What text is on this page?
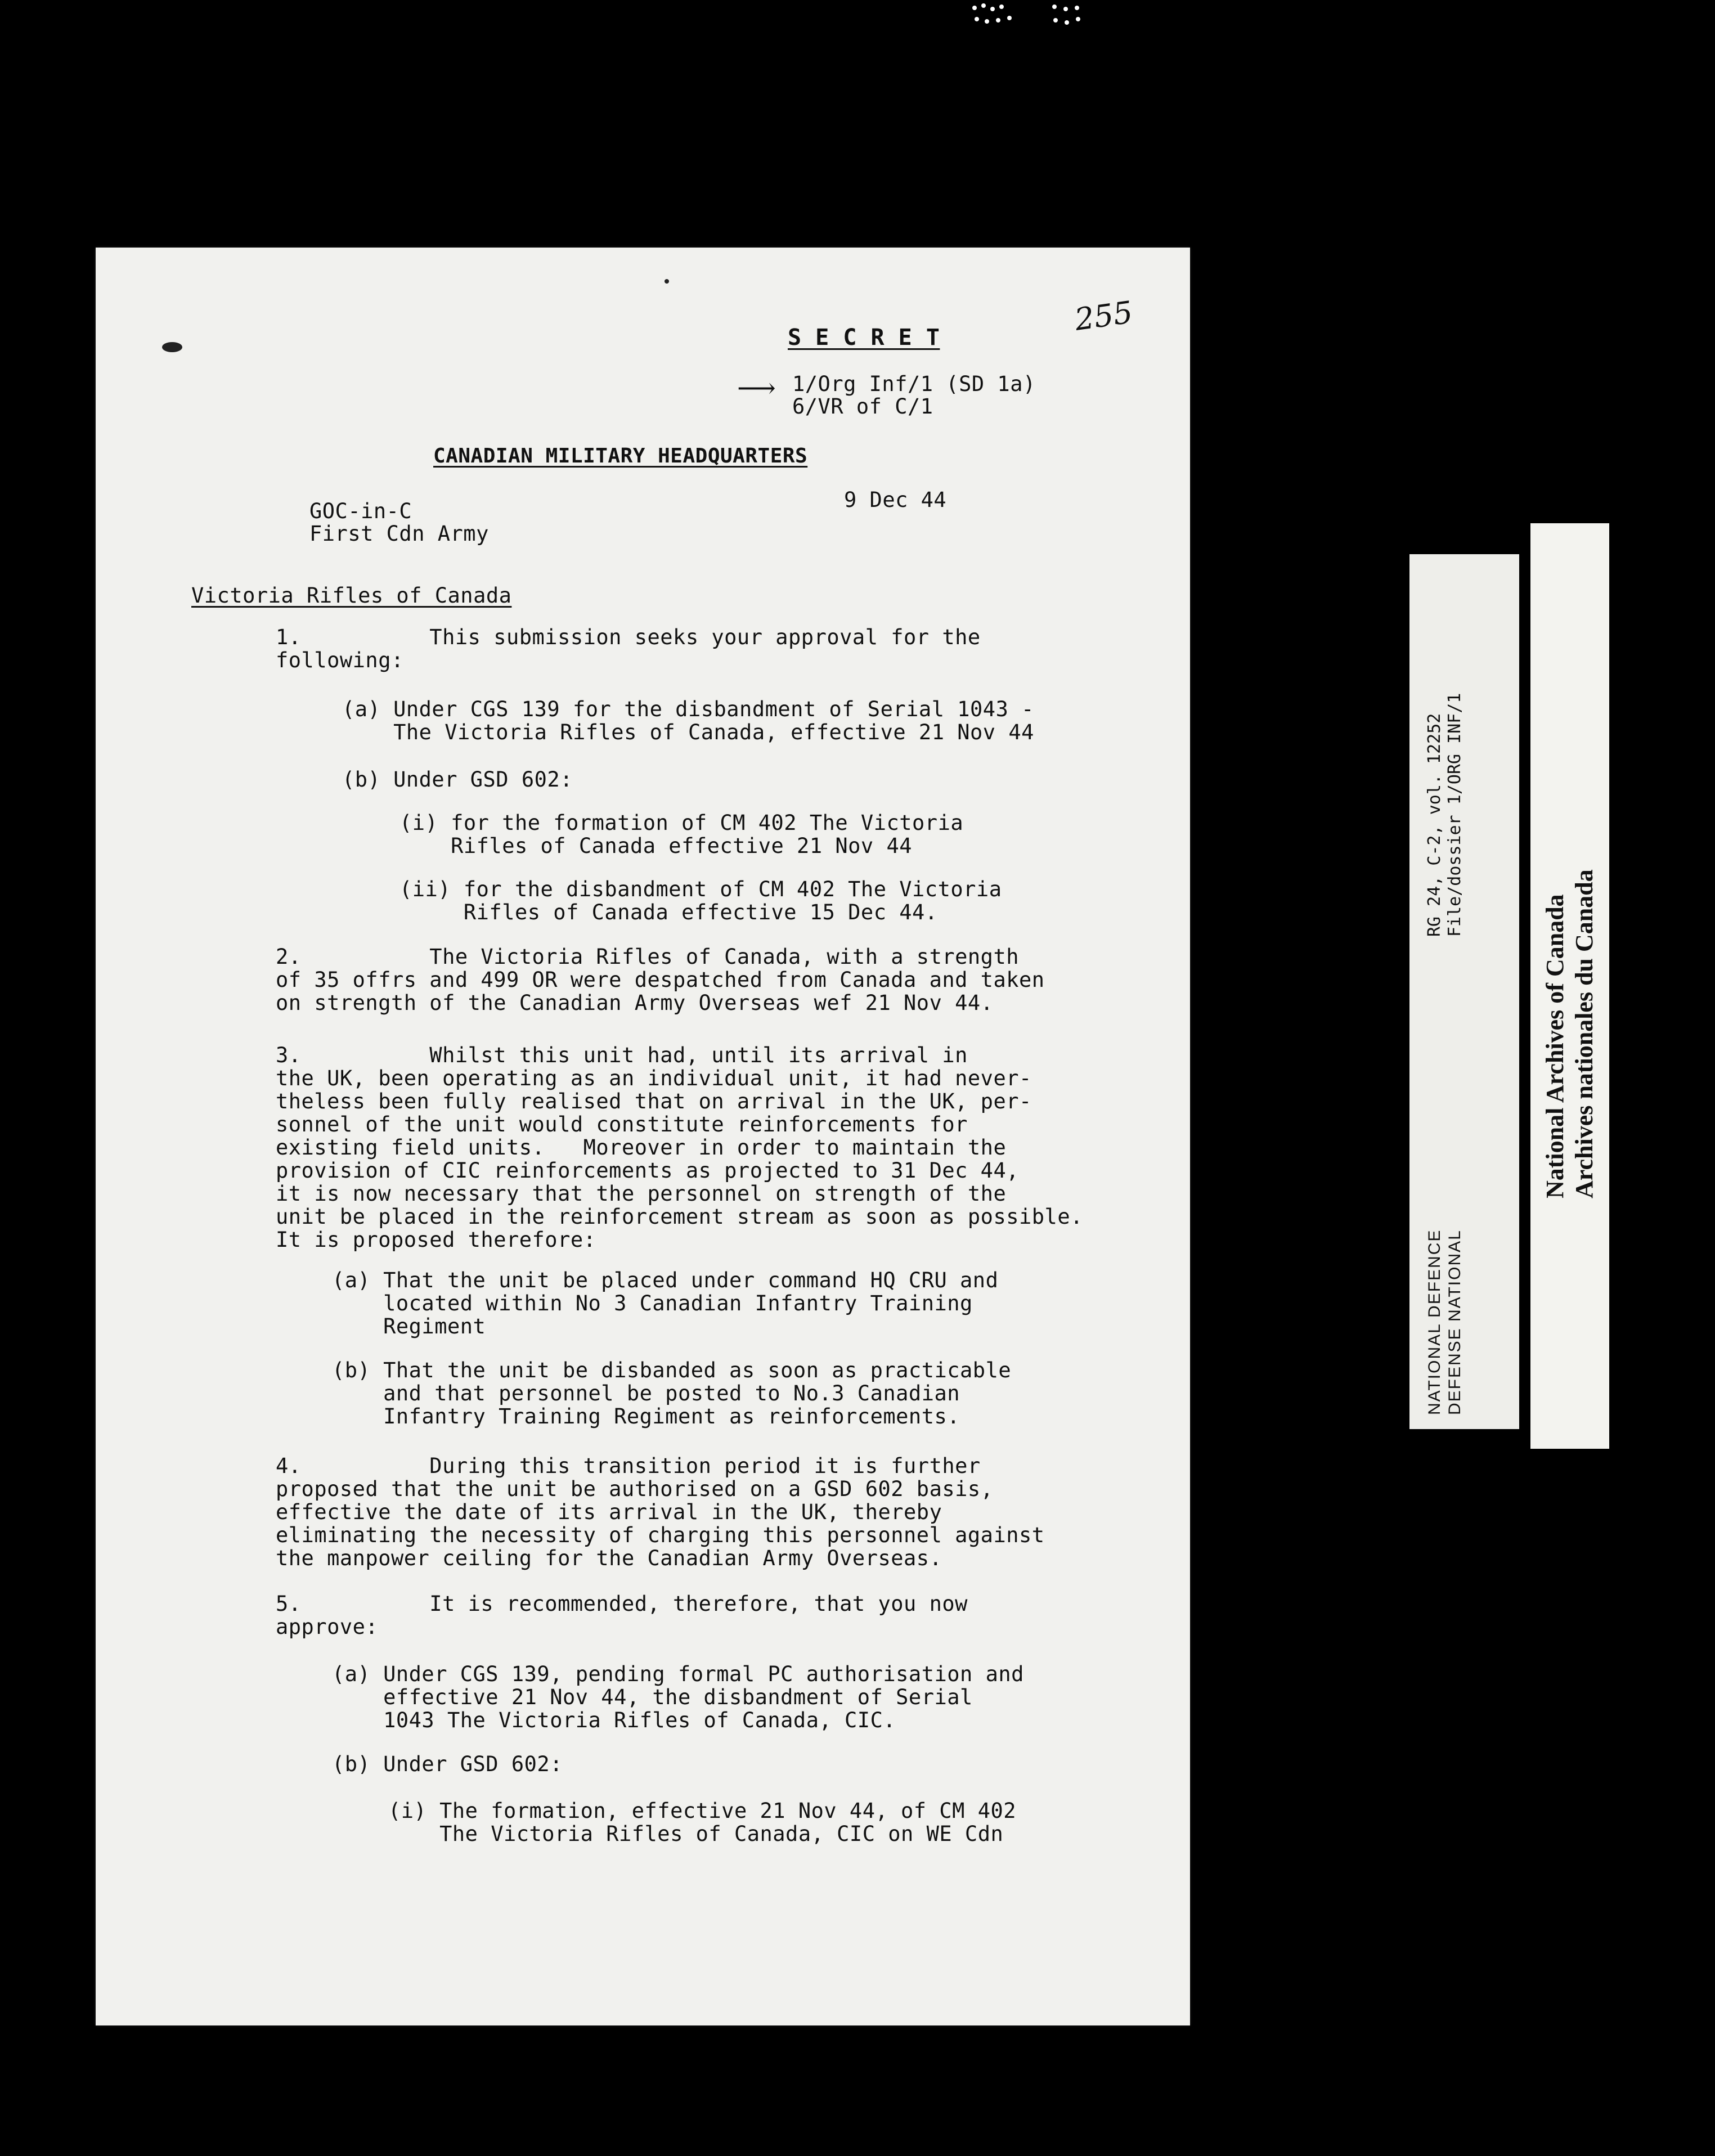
S E C R E T
255
⟶ 1/Org Inf/1 (SD 1a)
6/VR of C/1
CANADIAN MILITARY HEADQUARTERS
9 Dec 44
GOC-in-C
First Cdn Army
Victoria Rifles of Canada
1.          This submission seeks your approval for the
following:
(a) Under CGS 139 for the disbandment of Serial 1043 -
The Victoria Rifles of Canada, effective 21 Nov 44
(b) Under GSD 602:
(i) for the formation of CM 402 The Victoria
Rifles of Canada effective 21 Nov 44
(ii) for the disbandment of CM 402 The Victoria
Rifles of Canada effective 15 Dec 44.
2.          The Victoria Rifles of Canada, with a strength
of 35 offrs and 499 OR were despatched from Canada and taken
on strength of the Canadian Army Overseas wef 21 Nov 44.
3.          Whilst this unit had, until its arrival in
the UK, been operating as an individual unit, it had never-
theless been fully realised that on arrival in the UK, per-
sonnel of the unit would constitute reinforcements for
existing field units.   Moreover in order to maintain the
provision of CIC reinforcements as projected to 31 Dec 44,
it is now necessary that the personnel on strength of the
unit be placed in the reinforcement stream as soon as possible.
It is proposed therefore:
(a) That the unit be placed under command HQ CRU and
located within No 3 Canadian Infantry Training
Regiment
(b) That the unit be disbanded as soon as practicable
and that personnel be posted to No.3 Canadian
Infantry Training Regiment as reinforcements.
4.          During this transition period it is further
proposed that the unit be authorised on a GSD 602 basis,
effective the date of its arrival in the UK, thereby
eliminating the necessity of charging this personnel against
the manpower ceiling for the Canadian Army Overseas.
5.          It is recommended, therefore, that you now
approve:
(a) Under CGS 139, pending formal PC authorisation and
effective 21 Nov 44, the disbandment of Serial
1043 The Victoria Rifles of Canada, CIC.
(b) Under GSD 602:
(i) The formation, effective 21 Nov 44, of CM 402
The Victoria Rifles of Canada, CIC on WE Cdn
RG 24, C-2, vol. 12252 File/dossier 1/ORG INF/1
NATIONAL DEFENCE DEFENSE NATIONAL
National Archives of Canada Archives nationales du Canada
